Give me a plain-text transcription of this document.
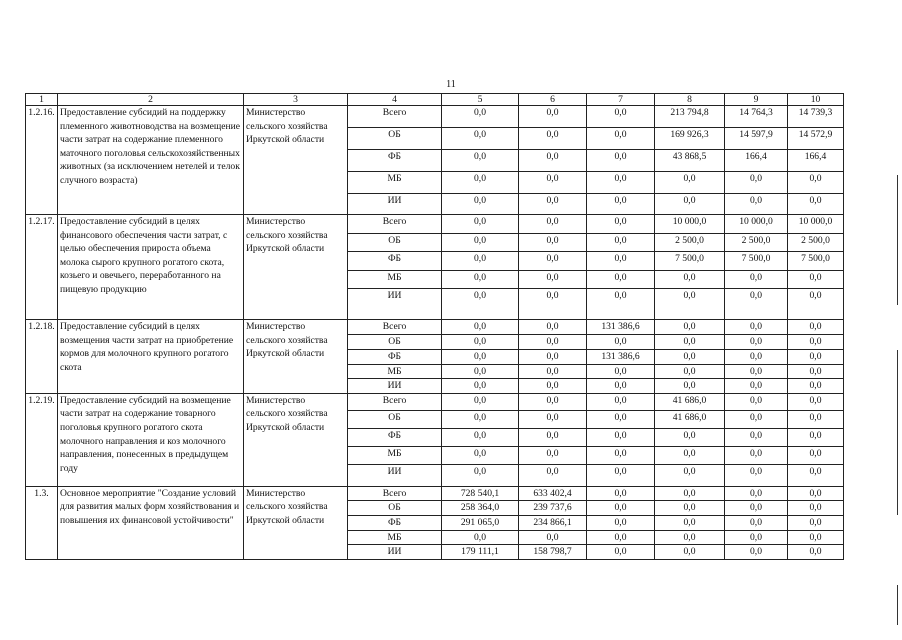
11
1	2	3	4	5	6	7	8	9	10
1.2.16.	Предоставление субсидий на поддержку племенного животноводства на возмещение части затрат на содержание племенного маточного поголовья сельскохозяйственных животных (за исключением нетелей и телок случного возраста)	Министерство сельского хозяйства Иркутской области	Всего	0,0	0,0	0,0	213 794,8	14 764,3	14 739,3
			ОБ	0,0	0,0	0,0	169 926,3	14 597,9	14 572,9
			ФБ	0,0	0,0	0,0	43 868,5	166,4	166,4
			МБ	0,0	0,0	0,0	0,0	0,0	0,0
			ИИ	0,0	0,0	0,0	0,0	0,0	0,0
1.2.17.	Предоставление субсидий в целях финансового обеспечения части затрат, с целью обеспечения прироста объема молока сырого крупного рогатого скота, козьего и овечьего, переработанного на пищевую продукцию	Министерство сельского хозяйства Иркутской области	Всего	0,0	0,0	0,0	10 000,0	10 000,0	10 000,0
			ОБ	0,0	0,0	0,0	2 500,0	2 500,0	2 500,0
			ФБ	0,0	0,0	0,0	7 500,0	7 500,0	7 500,0
			МБ	0,0	0,0	0,0	0,0	0,0	0,0
			ИИ	0,0	0,0	0,0	0,0	0,0	0,0
1.2.18.	Предоставление субсидий в целях возмещения части затрат на приобретение кормов для молочного крупного рогатого скота	Министерство сельского хозяйства Иркутской области	Всего	0,0	0,0	131 386,6	0,0	0,0	0,0
			ОБ	0,0	0,0	0,0	0,0	0,0	0,0
			ФБ	0,0	0,0	131 386,6	0,0	0,0	0,0
			МБ	0,0	0,0	0,0	0,0	0,0	0,0
			ИИ	0,0	0,0	0,0	0,0	0,0	0,0
1.2.19.	Предоставление субсидий на возмещение части затрат на содержание товарного поголовья крупного рогатого скота молочного направления и коз молочного направления, понесенных в предыдущем году	Министерство сельского хозяйства Иркутской области	Всего	0,0	0,0	0,0	41 686,0	0,0	0,0
			ОБ	0,0	0,0	0,0	41 686,0	0,0	0,0
			ФБ	0,0	0,0	0,0	0,0	0,0	0,0
			МБ	0,0	0,0	0,0	0,0	0,0	0,0
			ИИ	0,0	0,0	0,0	0,0	0,0	0,0
1.3.	Основное мероприятие "Создание условий для развития малых форм хозяйствования и повышения их финансовой устойчивости"	Министерство сельского хозяйства Иркутской области	Всего	728 540,1	633 402,4	0,0	0,0	0,0	0,0
			ОБ	258 364,0	239 737,6	0,0	0,0	0,0	0,0
			ФБ	291 065,0	234 866,1	0,0	0,0	0,0	0,0
			МБ	0,0	0,0	0,0	0,0	0,0	0,0
			ИИ	179 111,1	158 798,7	0,0	0,0	0,0	0,0
